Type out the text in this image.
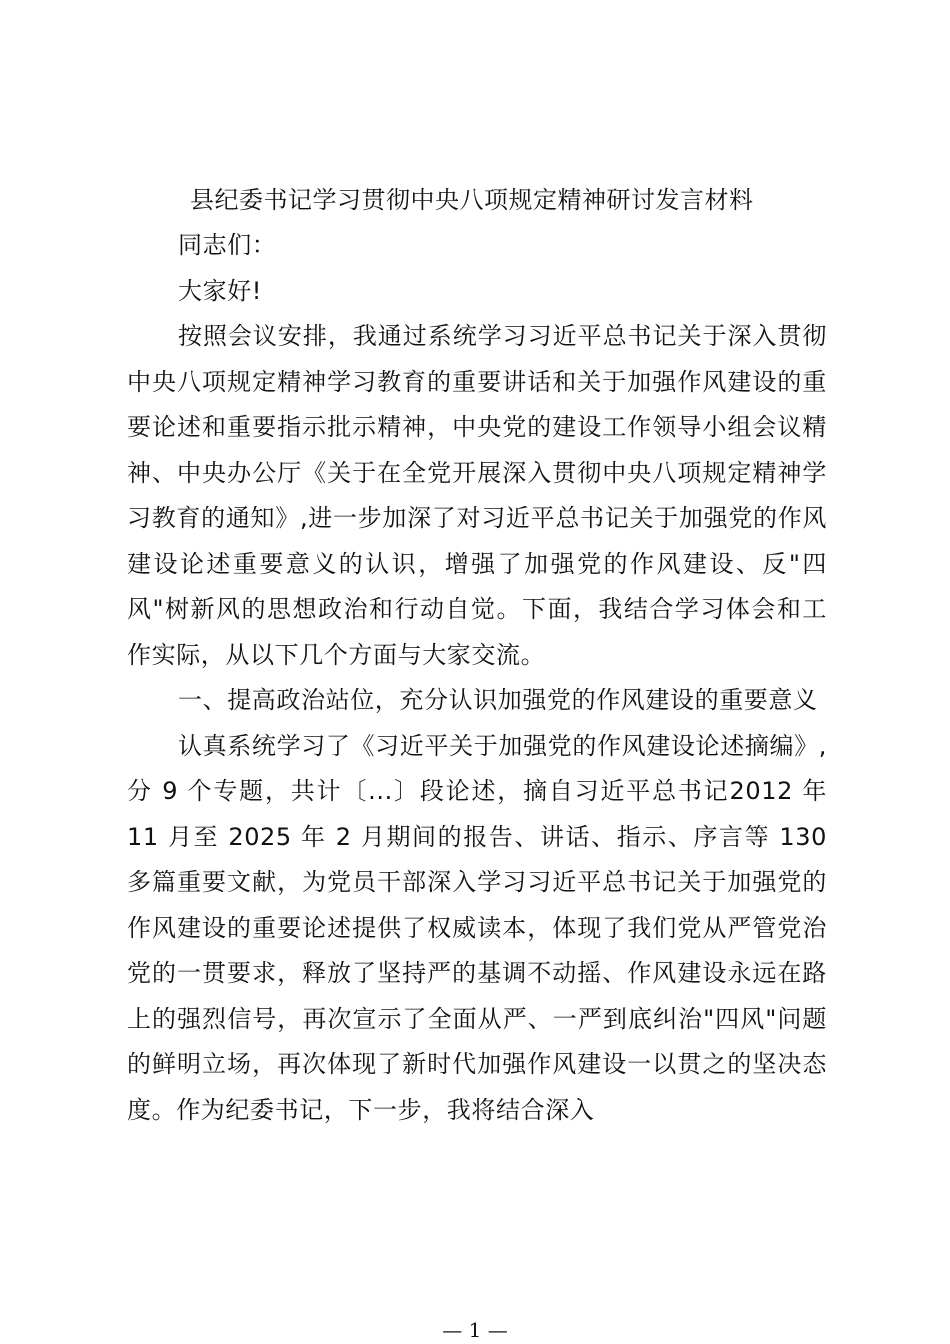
县纪委书记学习贯彻中央八项规定精神研讨发言材料

同志们：

大家好!

按照会议安排，我通过系统学习习近平总书记关于深入贯彻中央八项规定精神学习教育的重要讲话和关于加强作风建设的重要论述和重要指示批示精神，中央党的建设工作领导小组会议精神、中央办公厅《关于在全党开展深入贯彻中央八项规定精神学习教育的通知》,进一步加深了对习近平总书记关于加强党的作风建设论述重要意义的认识，增强了加强党的作风建设、反"四风"树新风的思想政治和行动自觉。下面，我结合学习体会和工作实际，从以下几个方面与大家交流。

一、提高政治站位，充分认识加强党的作风建设的重要意义

认真系统学习了《习近平关于加强党的作风建设论述摘编》,分 9 个专题，共计〔...〕段论述，摘自习近平总书记2012 年 11 月至 2025 年 2 月期间的报告、讲话、指示、序言等 130 多篇重要文献，为党员干部深入学习习近平总书记关于加强党的作风建设的重要论述提供了权威读本，体现了我们党从严管党治党的一贯要求，释放了坚持严的基调不动摇、作风建设永远在路上的强烈信号，再次宣示了全面从严、一严到底纠治"四风"问题的鲜明立场，再次体现了新时代加强作风建设一以贯之的坚决态度。作为纪委书记，下一步，我将结合深入

— 1 —
